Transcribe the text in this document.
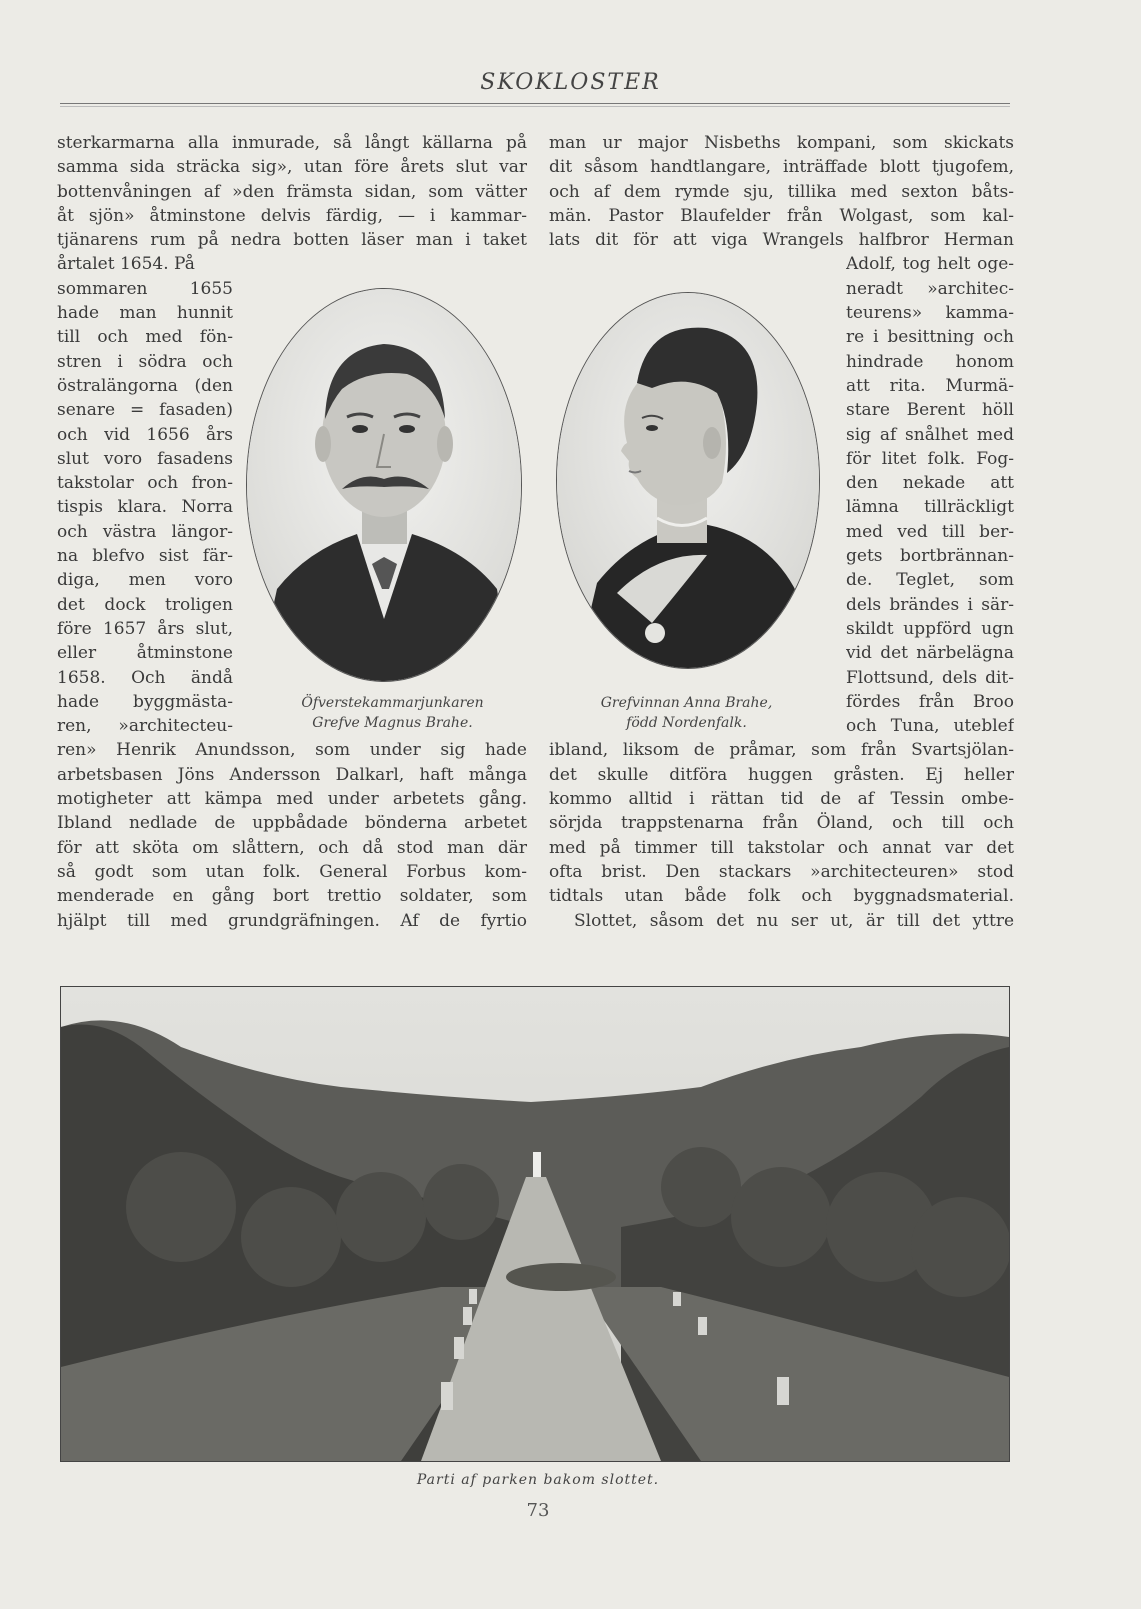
SKOKLOSTER
sterkarmarna alla inmurade, så långt källarna på
samma sida sträcka sig», utan före årets slut var
bottenvåningen af »den främsta sidan, som vätter
åt sjön» åtminstone delvis färdig, — i kammar-
tjänarens rum på nedra botten läser man i taket
årtalet 1654. På
sommaren 1655
hade man hunnit
till och med fön-
stren i södra och
östralängorna (den
senare = fasaden)
och vid 1656 års
slut voro fasadens
takstolar och fron-
tispis klara. Norra
och västra längor-
na blefvo sist fär-
diga, men voro
det dock troligen
före 1657 års slut,
eller åtminstone
1658. Och ändå
hade byggmästa-
ren, »architecteu-
ren» Henrik Anundsson, som under sig hade
arbetsbasen Jöns Andersson Dalkarl, haft många
motigheter att kämpa med under arbetets gång.
Ibland nedlade de uppbådade bönderna arbetet
för att sköta om slåttern, och då stod man där
så godt som utan folk. General Forbus kom-
menderade en gång bort trettio soldater, som
hjälpt till med grundgräfningen. Af de fyrtio
man ur major Nisbeths kompani, som skickats
dit såsom handtlangare, inträffade blott tjugofem,
och af dem rymde sju, tillika med sexton båts-
män. Pastor Blaufelder från Wolgast, som kal-
lats dit för att viga Wrangels halfbror Herman
Adolf, tog helt oge-
neradt »architec-
teurens» kamma-
re i besittning och
hindrade honom
att rita. Murmä-
stare Berent höll
sig af snålhet med
för litet folk. Fog-
den nekade att
lämna tillräckligt
med ved till ber-
gets bortbrännan-
de. Teglet, som
dels brändes i sär-
skildt uppförd ugn
vid det närbelägna
Flottsund, dels dit-
fördes från Broo
och Tuna, uteblef
ibland, liksom de pråmar, som från Svartsjölan-
det skulle ditföra huggen gråsten. Ej heller
kommo alltid i rättan tid de af Tessin ombe-
sörjda trappstenarna från Öland, och till och
med på timmer till takstolar och annat var det
ofta brist. Den stackars »architecteuren» stod
tidtals utan både folk och byggnadsmaterial.
Slottet, såsom det nu ser ut, är till det yttre
Öfverstekammarjunkaren
Grefve Magnus Brahe.
Grefvinnan Anna Brahe,
född Nordenfalk.
Parti af parken bakom slottet.
73
